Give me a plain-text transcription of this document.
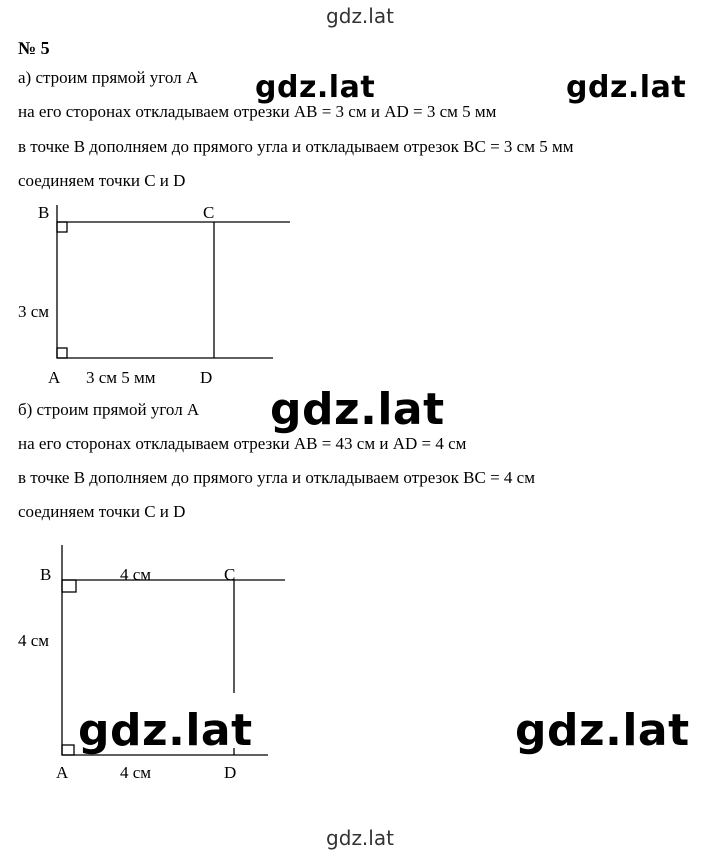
gdz.lat
№ 5
а) строим прямой угол A
на его сторонах откладываем отрезки AB = 3 см и AD = 3 см 5 мм
в точке B дополняем до прямого угла и откладываем отрезок BC = 3 см 5 мм
соединяем точки C и D
B	C
3 см
A 3 см 5 мм	D
б) строим прямой угол A
на его сторонах откладываем отрезки AB = 43 см и AD = 4 см
в точке B дополняем до прямого угла и откладываем отрезок BC = 4 см
соединяем точки C и D
B	4 см	C
4 см
A	4 см	D
gdz.lat	gdz.lat
gdz.lat
gdz.lat	gdz.lat
gdz.lat
